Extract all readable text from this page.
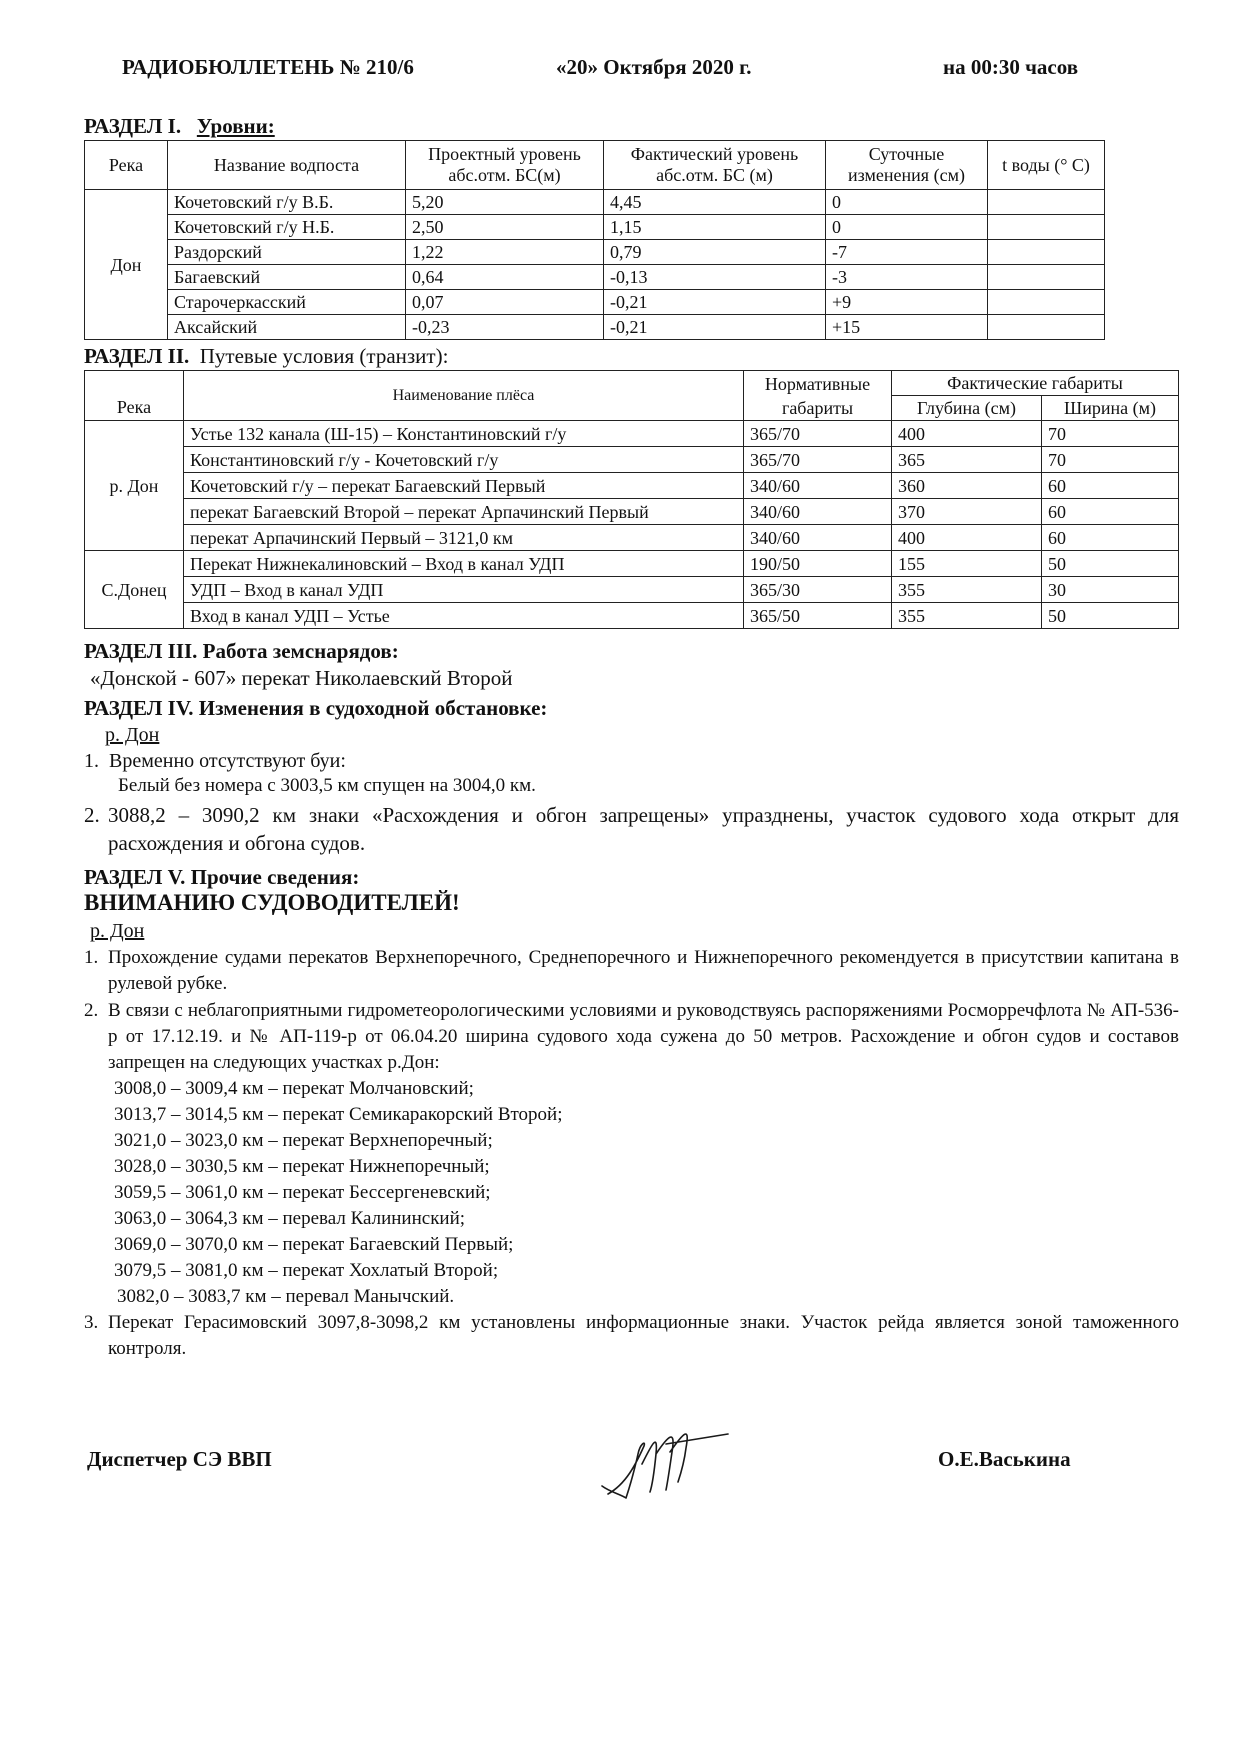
РАДИОБЮЛЛЕТЕНЬ № 210/6	«20» Октября 2020 г.	на 00:30 часов
РАЗДЕЛ I. Уровни:
Река	Название водпоста	Проектный уровень абс.отм. БС(м)	Фактический уровень абс.отм. БС (м)	Суточные изменения (см)	t воды (° С)
Дон	Кочетовский г/у В.Б.	5,20	4,45	0	
	Кочетовский г/у Н.Б.	2,50	1,15	0	
	Раздорский	1,22	0,79	-7	
	Багаевский	0,64	-0,13	-3	
	Старочеркасский	0,07	-0,21	+9	
	Аксайский	-0,23	-0,21	+15	
РАЗДЕЛ II. Путевые условия (транзит):
Река	Наименование плёса	Нормативные габариты	Фактические габариты	
			Глубина (см)	Ширина (м)
р. Дон	Устье 132 канала (Ш-15) – Константиновский г/у	365/70	400	70
	Константиновский г/у - Кочетовский г/у	365/70	365	70
	Кочетовский г/у – перекат Багаевский Первый	340/60	360	60
	перекат Багаевский Второй – перекат Арпачинский Первый	340/60	370	60
	перекат Арпачинский Первый – 3121,0 км	340/60	400	60
С.Донец	Перекат Нижнекалиновский – Вход в канал УДП	190/50	155	50
	УДП – Вход в канал УДП	365/30	355	30
	Вход в канал УДП – Устье	365/50	355	50
РАЗДЕЛ III. Работа земснарядов:
«Донской - 607» перекат Николаевский Второй
РАЗДЕЛ IV. Изменения в судоходной обстановке:
р. Дон
1. Временно отсутствуют буи:
Белый без номера с 3003,5 км спущен на 3004,0 км.
2. 3088,2 – 3090,2 км знаки «Расхождения и обгон запрещены» упразднены, участок судового хода открыт для расхождения и обгона судов.
РАЗДЕЛ V. Прочие сведения:
ВНИМАНИЮ СУДОВОДИТЕЛЕЙ!
р. Дон
1. Прохождение судами перекатов Верхнепоречного, Среднепоречного и Нижнепоречного рекомендуется в присутствии капитана в рулевой рубке.
2. В связи с неблагоприятными гидрометеорологическими условиями и руководствуясь распоряжениями Росморречфлота № АП-536-р от 17.12.19. и № АП-119-р от 06.04.20 ширина судового хода сужена до 50 метров. Расхождение и обгон судов и составов запрещен на следующих участках р.Дон:
3008,0 – 3009,4 км – перекат Молчановский;
3013,7 – 3014,5 км – перекат Семикаракорский Второй;
3021,0 – 3023,0 км – перекат Верхнепоречный;
3028,0 – 3030,5 км – перекат Нижнепоречный;
3059,5 – 3061,0 км – перекат Бессергеневский;
3063,0 – 3064,3 км – перевал Калининский;
3069,0 – 3070,0 км – перекат Багаевский Первый;
3079,5 – 3081,0 км – перекат Хохлатый Второй;
3082,0 – 3083,7 км – перевал Манычский.
3. Перекат Герасимовский 3097,8-3098,2 км установлены информационные знаки. Участок рейда является зоной таможенного контроля.
Диспетчер СЭ ВВП	О.Е.Васькина
